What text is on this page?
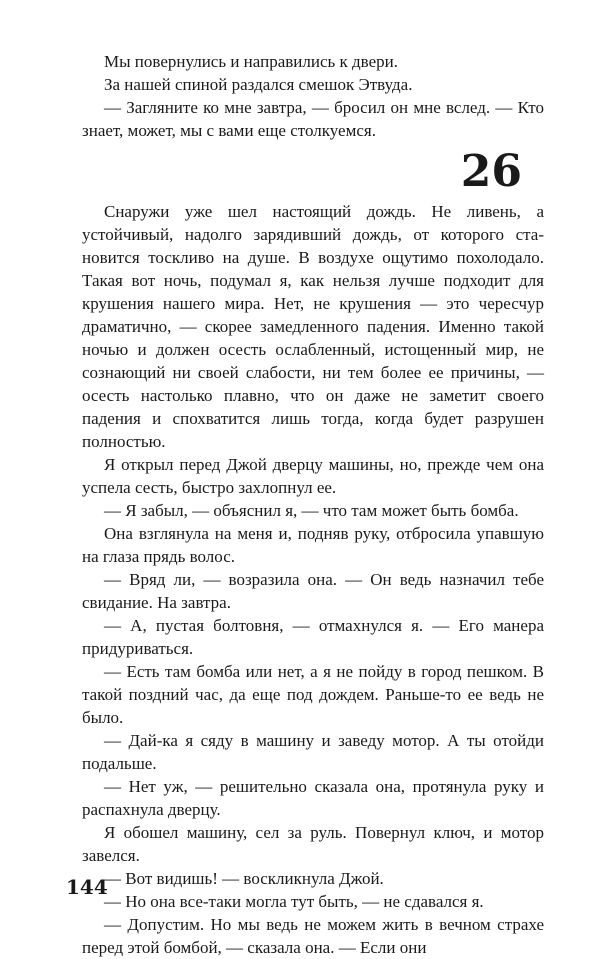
Мы повернулись и направились к двери.

За нашей спиной раздался смешок Этвуда.

— Загляните ко мне завтра, — бросил он мне вслед. — Кто знает, может, мы с вами еще столкуемся.

26

Снаружи уже шел настоящий дождь. Не ливень, а устойчивый, надолго зарядивший дождь, от которого становится тоскливо на душе. В воздухе ощутимо похолодало. Такая вот ночь, подумал я, как нельзя лучше подходит для крушения нашего мира. Нет, не крушения — это чересчур драматично, — скорее замедленного падения. Именно такой ночью и должен осесть ослабленный, истощенный мир, не сознающий ни своей слабости, ни тем более ее причины, — осесть настолько плавно, что он даже не заметит своего падения и спохватится лишь тогда, когда будет разрушен полностью.

Я открыл перед Джой дверцу машины, но, прежде чем она успела сесть, быстро захлопнул ее.

— Я забыл, — объяснил я, — что там может быть бомба.

Она взглянула на меня и, подняв руку, отбросила упавшую на глаза прядь волос.

— Вряд ли, — возразила она. — Он ведь назначил тебе свидание. На завтра.

— А, пустая болтовня, — отмахнулся я. — Его манера придуриваться.

— Есть там бомба или нет, а я не пойду в город пешком. В такой поздний час, да еще под дождем. Раньше-то ее ведь не было.

— Дай-ка я сяду в машину и заведу мотор. А ты отойди подальше.

— Нет уж, — решительно сказала она, протянула руку и распахнула дверцу.

Я обошел машину, сел за руль. Повернул ключ, и мотор завелся.

— Вот видишь! — воскликнула Джой.

— Но она все-таки могла тут быть, — не сдавался я.

— Допустим. Но мы ведь не можем жить в вечном страхе перед этой бомбой, — сказала она. — Если они

144
